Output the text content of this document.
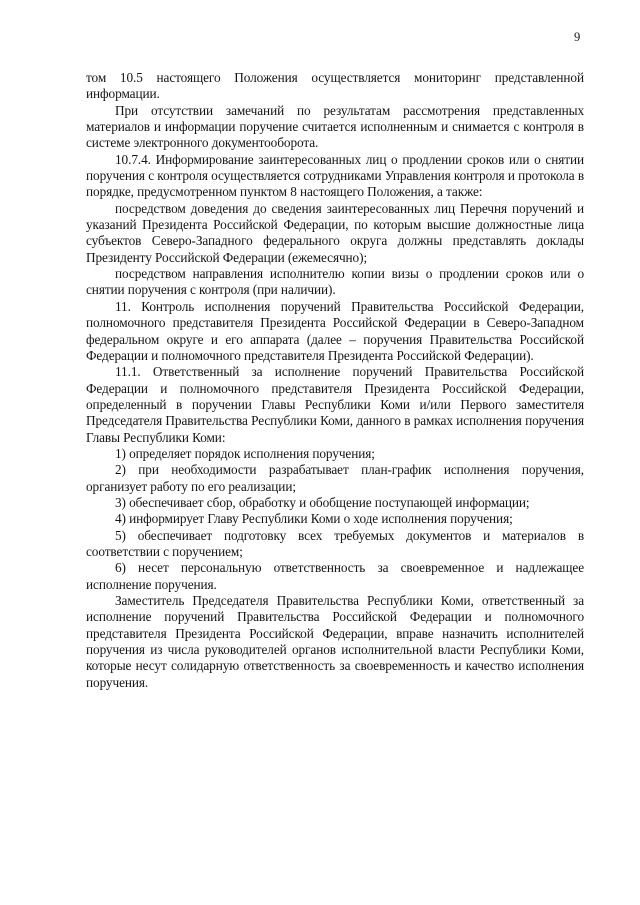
9

том 10.5 настоящего Положения осуществляется мониторинг представленной информации.

При отсутствии замечаний по результатам рассмотрения представленных материалов и информации поручение считается исполненным и снимается с контроля в системе электронного документооборота.

10.7.4. Информирование заинтересованных лиц о продлении сроков или о снятии поручения с контроля осуществляется сотрудниками Управления контроля и протокола в порядке, предусмотренном пунктом 8 настоящего Положения, а также:

посредством доведения до сведения заинтересованных лиц Перечня поручений и указаний Президента Российской Федерации, по которым высшие должностные лица субъектов Северо-Западного федерального округа должны представлять доклады Президенту Российской Федерации (ежемесячно);

посредством направления исполнителю копии визы о продлении сроков или о снятии поручения с контроля (при наличии).

11. Контроль исполнения поручений Правительства Российской Федерации, полномочного представителя Президента Российской Федерации в Северо-Западном федеральном округе и его аппарата (далее – поручения Правительства Российской Федерации и полномочного представителя Президента Российской Федерации).

11.1. Ответственный за исполнение поручений Правительства Российской Федерации и полномочного представителя Президента Российской Федерации, определенный в поручении Главы Республики Коми и/или Первого заместителя Председателя Правительства Республики Коми, данного в рамках исполнения поручения Главы Республики Коми:

1) определяет порядок исполнения поручения;

2) при необходимости разрабатывает план-график исполнения поручения, организует работу по его реализации;

3) обеспечивает сбор, обработку и обобщение поступающей информации;

4) информирует Главу Республики Коми о ходе исполнения поручения;

5) обеспечивает подготовку всех требуемых документов и материалов в соответствии с поручением;

6) несет персональную ответственность за своевременное и надлежащее исполнение поручения.

Заместитель Председателя Правительства Республики Коми, ответственный за исполнение поручений Правительства Российской Федерации и полномочного представителя Президента Российской Федерации, вправе назначить исполнителей поручения из числа руководителей органов исполнительной власти Республики Коми, которые несут солидарную ответственность за своевременность и качество исполнения поручения.
